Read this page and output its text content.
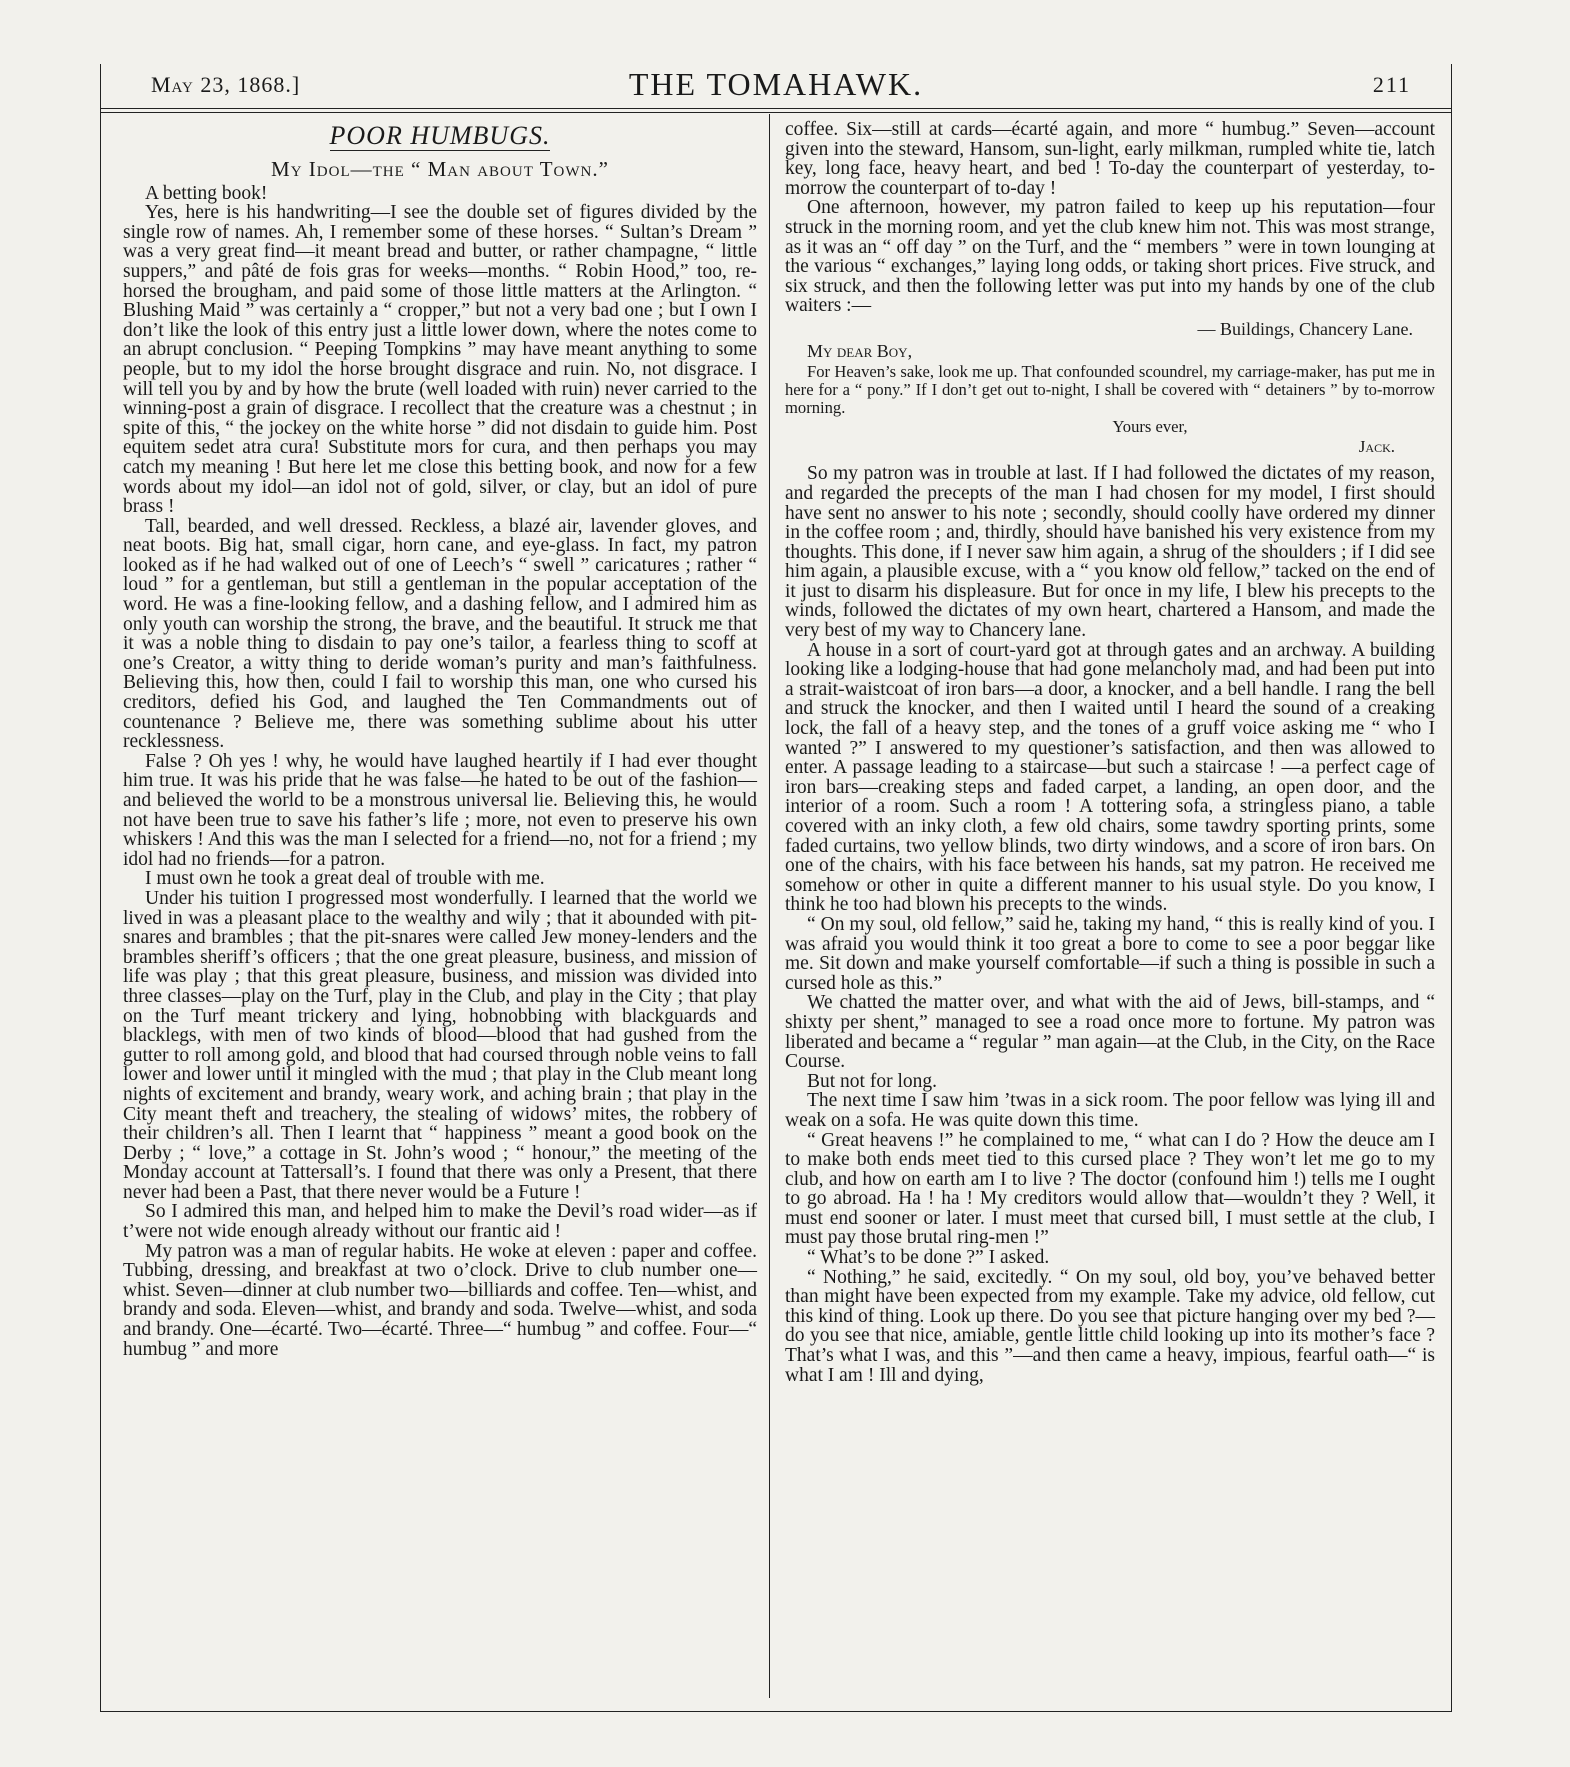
May 23, 1868.]	THE TOMAHAWK.	211

POOR HUMBUGS.

My Idol—the “ Man about Town.”

A betting book!

Yes, here is his handwriting—I see the double set of figures divided by the single row of names. Ah, I remember some of these horses. “ Sultan’s Dream ” was a very great find—it meant bread and butter, or rather champagne, “ little suppers,” and pâté de fois gras for weeks—months. “ Robin Hood,” too, re-horsed the brougham, and paid some of those little matters at the Arlington. “ Blushing Maid ” was certainly a “ cropper,” but not a very bad one ; but I own I don’t like the look of this entry just a little lower down, where the notes come to an abrupt conclusion. “ Peeping Tompkins ” may have meant anything to some people, but to my idol the horse brought disgrace and ruin. No, not disgrace. I will tell you by and by how the brute (well loaded with ruin) never carried to the winning-post a grain of disgrace. I recollect that the creature was a chestnut ; in spite of this, “ the jockey on the white horse ” did not disdain to guide him. Post equitem sedet atra cura! Substitute mors for cura, and then perhaps you may catch my meaning ! But here let me close this betting book, and now for a few words about my idol—an idol not of gold, silver, or clay, but an idol of pure brass !

Tall, bearded, and well dressed. Reckless, a blazé air, lavender gloves, and neat boots. Big hat, small cigar, horn cane, and eye-glass. In fact, my patron looked as if he had walked out of one of Leech’s “ swell ” caricatures ; rather “ loud ” for a gentleman, but still a gentleman in the popular acceptation of the word. He was a fine-looking fellow, and a dashing fellow, and I admired him as only youth can worship the strong, the brave, and the beautiful. It struck me that it was a noble thing to disdain to pay one’s tailor, a fearless thing to scoff at one’s Creator, a witty thing to deride woman’s purity and man’s faithfulness. Believing this, how then, could I fail to worship this man, one who cursed his creditors, defied his God, and laughed the Ten Commandments out of countenance ? Believe me, there was something sublime about his utter recklessness.

False ? Oh yes ! why, he would have laughed heartily if I had ever thought him true. It was his pride that he was false—he hated to be out of the fashion—and believed the world to be a monstrous universal lie. Believing this, he would not have been true to save his father’s life ; more, not even to preserve his own whiskers ! And this was the man I selected for a friend—no, not for a friend ; my idol had no friends—for a patron.

I must own he took a great deal of trouble with me.

Under his tuition I progressed most wonderfully. I learned that the world we lived in was a pleasant place to the wealthy and wily ; that it abounded with pit-snares and brambles ; that the pit-snares were called Jew money-lenders and the brambles sheriff’s officers ; that the one great pleasure, business, and mission of life was play ; that this great pleasure, business, and mission was divided into three classes—play on the Turf, play in the Club, and play in the City ; that play on the Turf meant trickery and lying, hobnobbing with blackguards and blacklegs, with men of two kinds of blood—blood that had gushed from the gutter to roll among gold, and blood that had coursed through noble veins to fall lower and lower until it mingled with the mud ; that play in the Club meant long nights of excitement and brandy, weary work, and aching brain ; that play in the City meant theft and treachery, the stealing of widows’ mites, the robbery of their children’s all. Then I learnt that “ happiness ” meant a good book on the Derby ; “ love,” a cottage in St. John’s wood ; “ honour,” the meeting of the Monday account at Tattersall’s. I found that there was only a Present, that there never had been a Past, that there never would be a Future !

So I admired this man, and helped him to make the Devil’s road wider—as if t’were not wide enough already without our frantic aid !

My patron was a man of regular habits. He woke at eleven : paper and coffee. Tubbing, dressing, and breakfast at two o’clock. Drive to club number one—whist. Seven—dinner at club number two—billiards and coffee. Ten—whist, and brandy and soda. Eleven—whist, and brandy and soda. Twelve—whist, and soda and brandy. One—écarté. Two—écarté. Three—“ humbug ” and coffee. Four—“ humbug ” and more

coffee. Six—still at cards—écarté again, and more “ humbug.” Seven—account given into the steward, Hansom, sun-light, early milkman, rumpled white tie, latch key, long face, heavy heart, and bed ! To-day the counterpart of yesterday, to-morrow the counterpart of to-day !

One afternoon, however, my patron failed to keep up his reputation—four struck in the morning room, and yet the club knew him not. This was most strange, as it was an “ off day ” on the Turf, and the “ members ” were in town lounging at the various “ exchanges,” laying long odds, or taking short prices. Five struck, and six struck, and then the following letter was put into my hands by one of the club waiters :—

— Buildings, Chancery Lane.

My dear Boy,

For Heaven’s sake, look me up. That confounded scoundrel, my carriage-maker, has put me in here for a “ pony.” If I don’t get out to-night, I shall be covered with “ detainers ” by to-morrow morning.

Yours ever,

Jack.

So my patron was in trouble at last. If I had followed the dictates of my reason, and regarded the precepts of the man I had chosen for my model, I first should have sent no answer to his note ; secondly, should coolly have ordered my dinner in the coffee room ; and, thirdly, should have banished his very existence from my thoughts. This done, if I never saw him again, a shrug of the shoulders ; if I did see him again, a plausible excuse, with a “ you know old fellow,” tacked on the end of it just to disarm his displeasure. But for once in my life, I blew his precepts to the winds, followed the dictates of my own heart, chartered a Hansom, and made the very best of my way to Chancery lane.

A house in a sort of court-yard got at through gates and an archway. A building looking like a lodging-house that had gone melancholy mad, and had been put into a strait-waistcoat of iron bars—a door, a knocker, and a bell handle. I rang the bell and struck the knocker, and then I waited until I heard the sound of a creaking lock, the fall of a heavy step, and the tones of a gruff voice asking me “ who I wanted ?” I answered to my questioner’s satisfaction, and then was allowed to enter. A passage leading to a staircase—but such a staircase ! —a perfect cage of iron bars—creaking steps and faded carpet, a landing, an open door, and the interior of a room. Such a room ! A tottering sofa, a stringless piano, a table covered with an inky cloth, a few old chairs, some tawdry sporting prints, some faded curtains, two yellow blinds, two dirty windows, and a score of iron bars. On one of the chairs, with his face between his hands, sat my patron. He received me somehow or other in quite a different manner to his usual style. Do you know, I think he too had blown his precepts to the winds.

“ On my soul, old fellow,” said he, taking my hand, “ this is really kind of you. I was afraid you would think it too great a bore to come to see a poor beggar like me. Sit down and make yourself comfortable—if such a thing is possible in such a cursed hole as this.”

We chatted the matter over, and what with the aid of Jews, bill-stamps, and “ shixty per shent,” managed to see a road once more to fortune. My patron was liberated and became a “ regular ” man again—at the Club, in the City, on the Race Course.

But not for long.

The next time I saw him ’twas in a sick room. The poor fellow was lying ill and weak on a sofa. He was quite down this time.

“ Great heavens !” he complained to me, “ what can I do ? How the deuce am I to make both ends meet tied to this cursed place ? They won’t let me go to my club, and how on earth am I to live ? The doctor (confound him !) tells me I ought to go abroad. Ha ! ha ! My creditors would allow that—wouldn’t they ? Well, it must end sooner or later. I must meet that cursed bill, I must settle at the club, I must pay those brutal ring-men !”

“ What’s to be done ?” I asked.

“ Nothing,” he said, excitedly. “ On my soul, old boy, you’ve behaved better than might have been expected from my example. Take my advice, old fellow, cut this kind of thing. Look up there. Do you see that picture hanging over my bed ?—do you see that nice, amiable, gentle little child looking up into its mother’s face ? That’s what I was, and this ”—and then came a heavy, impious, fearful oath—“ is what I am ! Ill and dying,
